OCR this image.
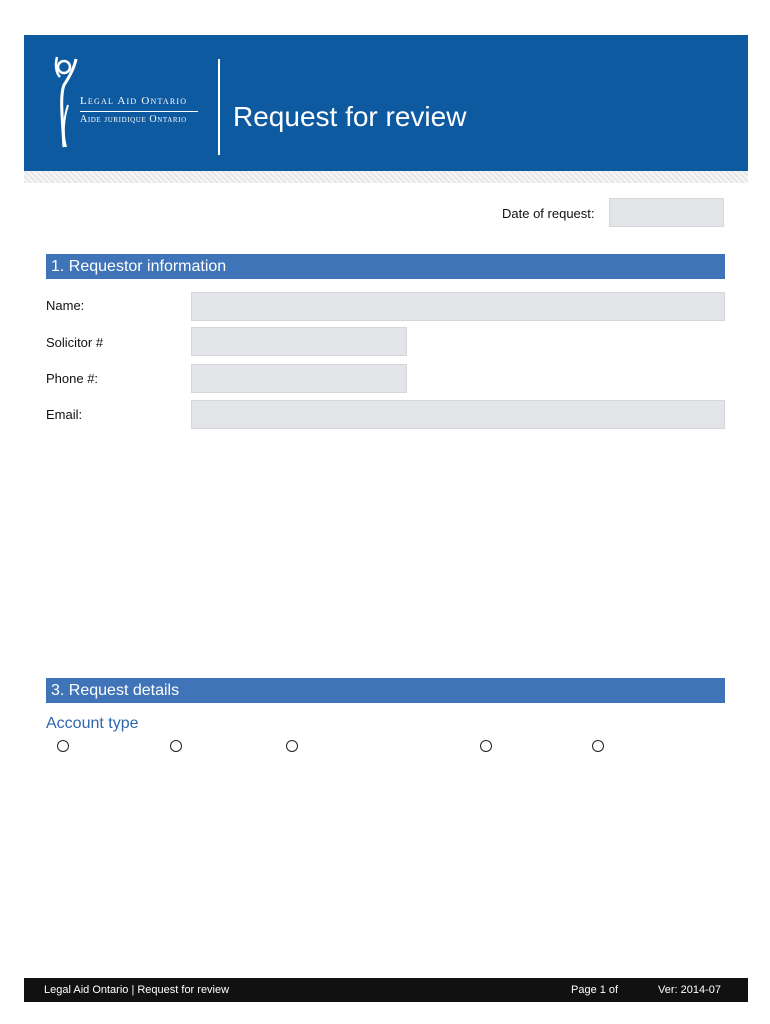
Legal Aid Ontario
Aide juridique Ontario Request for review
Date of request:
1. Requestor information
Name:
Solicitor #
Phone #:
Email:
3. Request details
Account type
Legal Aid Ontario | Request for review	Page 1 of	Ver: 2014-07
